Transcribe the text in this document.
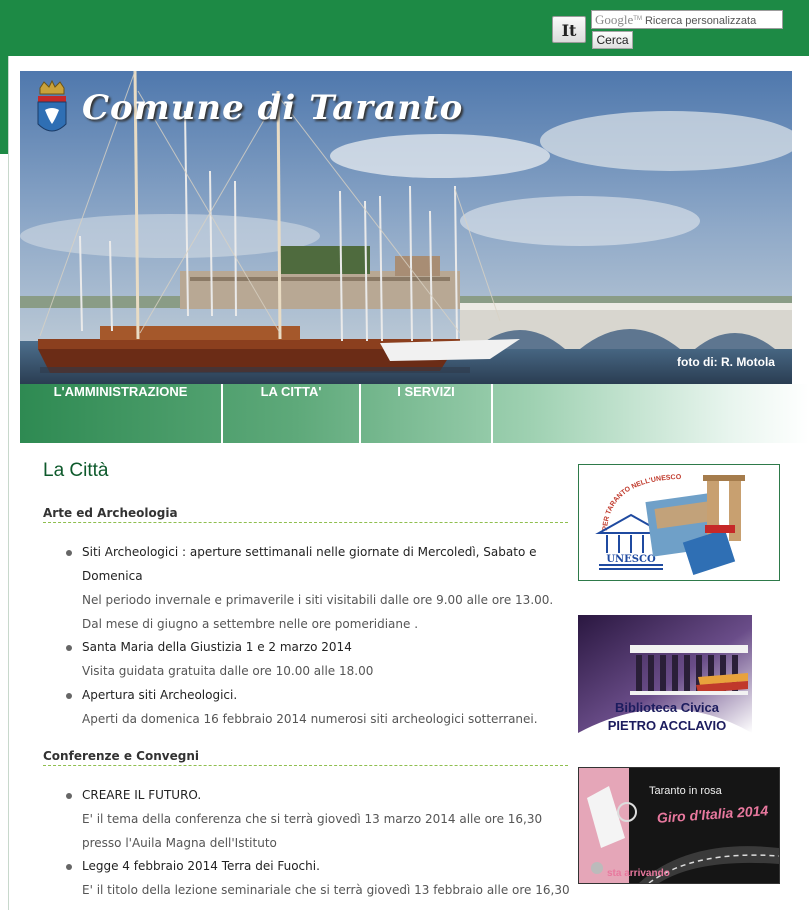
It
Google™ Ricerca personalizzata
Cerca
Comune di Taranto
foto di: R. Motola
L'AMMINISTRAZIONE	LA CITTA'	I SERVIZI
La Città
Arte ed Archeologia
Siti Archeologici : aperture settimanali nelle giornate di Mercoledì, Sabato e
Domenica
Nel periodo invernale e primaverile i siti visitabili dalle ore 9.00 alle ore 13.00.
Dal mese di giugno a settembre nelle ore pomeridiane .
Santa Maria della Giustizia 1 e 2 marzo 2014
Visita guidata gratuita dalle ore 10.00 alle 18.00
Apertura siti Archeologici.
Aperti da domenica 16 febbraio 2014 numerosi siti archeologici sotterranei.
Conferenze e Convegni
CREARE IL FUTURO.
E' il tema della conferenza che si terrà giovedì 13 marzo 2014 alle ore 16,30
presso l'Auila Magna dell'Istituto
Legge 4 febbraio 2014 Terra dei Fuochi.
E' il titolo della lezione seminariale che si terrà giovedì 13 febbraio alle ore 16,30
PER TARANTO NELL'UNESCO
UNESCO
Biblioteca Civica
PIETRO ACCLAVIO
Taranto in rosa
Giro d'Italia 2014
sta arrivando
